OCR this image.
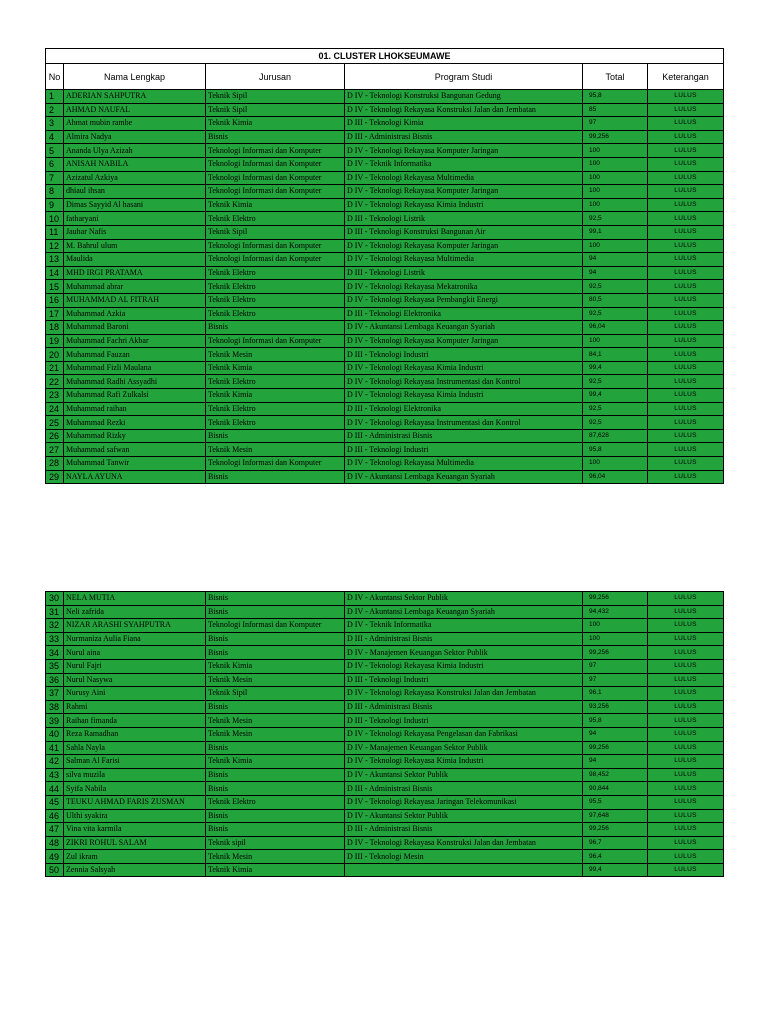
01. CLUSTER LHOKSEUMAWE					
No	Nama Lengkap	Jurusan	Program Studi	Total	Keterangan
1	ADERIAN SAHPUTRA	Teknik Sipil	D IV - Teknologi Konstruksi Bangunan Gedung	95,8	LULUS
2	AHMAD NAUFAL	Teknik Sipil	D IV - Teknologi Rekayasa Konstruksi Jalan dan Jembatan	85	LULUS
3	Ahmat mubin rambe	Teknik Kimia	D III - Teknologi Kimia	97	LULUS
4	Almira Nadya	Bisnis	D III - Administrasi Bisnis	99,256	LULUS
5	Ananda Ulya Azizah	Teknologi Informasi dan Komputer	D IV - Teknologi Rekayasa Komputer Jaringan	100	LULUS
6	ANISAH NABILA	Teknologi Informasi dan Komputer	D IV - Teknik Informatika	100	LULUS
7	Azizatul Azkiya	Teknologi Informasi dan Komputer	D IV - Teknologi Rekayasa Multimedia	100	LULUS
8	dhiaul ihsan	Teknologi Informasi dan Komputer	D IV - Teknologi Rekayasa Komputer Jaringan	100	LULUS
9	Dimas Sayyid Al hasani	Teknik Kimia	D IV - Teknologi Rekayasa Kimia Industri	100	LULUS
10	fatharyani	Teknik Elektro	D III - Teknologi Listrik	92,5	LULUS
11	Jauhar Nafis	Teknik Sipil	D III - Teknologi Konstruksi Bangunan Air	99,1	LULUS
12	M. Bahrul ulum	Teknologi Informasi dan Komputer	D IV - Teknologi Rekayasa Komputer Jaringan	100	LULUS
13	Maulida	Teknologi Informasi dan Komputer	D IV - Teknologi Rekayasa Multimedia	94	LULUS
14	MHD IRGI PRATAMA	Teknik Elektro	D III - Teknologi Listrik	94	LULUS
15	Muhammad abrar	Teknik Elektro	D IV - Teknologi Rekayasa Mekatronika	92,5	LULUS
16	MUHAMMAD AL FITRAH	Teknik Elektro	D IV - Teknologi Rekayasa Pembangkit Energi	80,5	LULUS
17	Muhammad Azkia	Teknik Elektro	D III - Teknologi Elektronika	92,5	LULUS
18	Muhammad Baroni	Bisnis	D IV - Akuntansi Lembaga Keuangan Syariah	96,04	LULUS
19	Muhammad Fachri Akbar	Teknologi Informasi dan Komputer	D IV - Teknologi Rekayasa Komputer Jaringan	100	LULUS
20	Muhammad Fauzan	Teknik Mesin	D III - Teknologi Industri	84,1	LULUS
21	Muhammad Fizli Maulana	Teknik Kimia	D IV - Teknologi Rekayasa Kimia Industri	99,4	LULUS
22	Muhammad Radhi Assyadhi	Teknik Elektro	D IV - Teknologi Rekayasa Instrumentasi dan Kontrol	92,5	LULUS
23	Muhammad Rafi Zulkalsi	Teknik Kimia	D IV - Teknologi Rekayasa Kimia Industri	99,4	LULUS
24	Muhammad raihan	Teknik Elektro	D III - Teknologi Elektronika	92,5	LULUS
25	Muhammad Rezki	Teknik Elektro	D IV - Teknologi Rekayasa Instrumentasi dan Kontrol	92,5	LULUS
26	Muhammad Rizky	Bisnis	D III - Administrasi Bisnis	87,628	LULUS
27	Muhammad safwan	Teknik Mesin	D III - Teknologi Industri	95,8	LULUS
28	Muhammad Tanwir	Teknologi Informasi dan Komputer	D IV - Teknologi Rekayasa Multimedia	100	LULUS
29	NAYLA AYUNA	Bisnis	D IV - Akuntansi Lembaga Keuangan Syariah	96,04	LULUS
30	NELA MUTIA	Bisnis	D IV - Akuntansi Sektor Publik	99,256	LULUS
31	Neli zafrida	Bisnis	D IV - Akuntansi Lembaga Keuangan Syariah	94,432	LULUS
32	NIZAR ARASHI SYAHPUTRA	Teknologi Informasi dan Komputer	D IV - Teknik Informatika	100	LULUS
33	Nurmaniza Aulia Fiana	Bisnis	D III - Administrasi Bisnis	100	LULUS
34	Nurul aina	Bisnis	D IV - Manajemen Keuangan Sektor Publik	99,256	LULUS
35	Nurul Fajri	Teknik Kimia	D IV - Teknologi Rekayasa Kimia Industri	97	LULUS
36	Nurul Nasywa	Teknik Mesin	D III - Teknologi Industri	97	LULUS
37	Nurusy Aini	Teknik Sipil	D IV - Teknologi Rekayasa Konstruksi Jalan dan Jembatan	96,1	LULUS
38	Rahmi	Bisnis	D III - Administrasi Bisnis	93,256	LULUS
39	Raihan fimanda	Teknik Mesin	D III - Teknologi Industri	95,8	LULUS
40	Reza Ramadhan	Teknik Mesin	D IV - Teknologi Rekayasa Pengelasan dan Fabrikasi	94	LULUS
41	Sahla Nayla	Bisnis	D IV - Manajemen Keuangan Sektor Publik	99,256	LULUS
42	Salman Al Farisi	Teknik Kimia	D IV - Teknologi Rekayasa Kimia Industri	94	LULUS
43	silva muzila	Bisnis	D IV - Akuntansi Sektor Publik	98,452	LULUS
44	Syifa Nabila	Bisnis	D III - Administrasi Bisnis	90,844	LULUS
45	TEUKU AHMAD FARIS ZUSMAN	Teknik Elektro	D IV - Teknologi Rekayasa Jaringan Telekomunikasi	95,5	LULUS
46	Ulthi syakira	Bisnis	D IV - Akuntansi Sektor Publik	97,648	LULUS
47	Vina vita karmila	Bisnis	D III - Administrasi Bisnis	99,256	LULUS
48	ZIKRI ROHUL SALAM	Teknik sipil	D IV - Teknologi Rekayasa Konstruksi Jalan dan Jembatan	96,7	LULUS
49	Zul ikram	Teknik Mesin	D III - Teknologi Mesin	96,4	LULUS
50	Zennia Salsyah	Teknik Kimia		99,4	LULUS
